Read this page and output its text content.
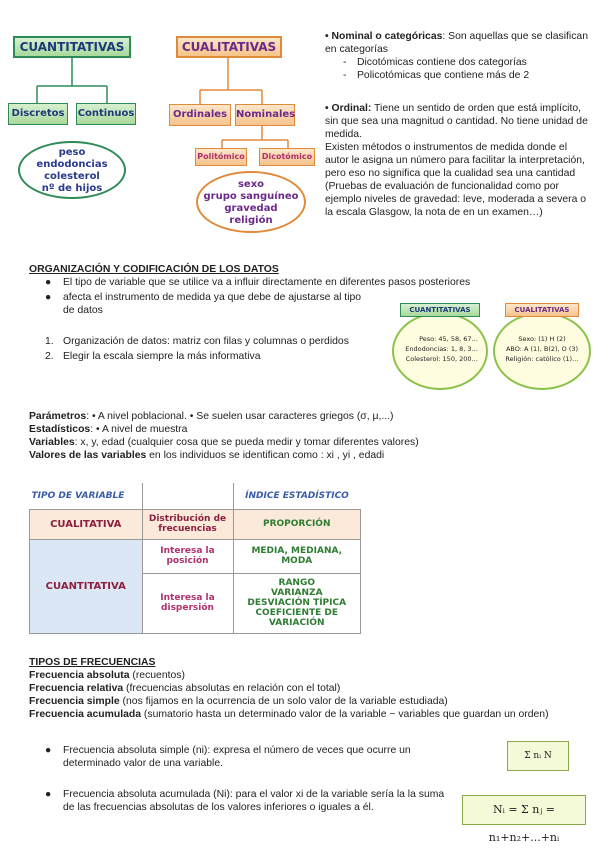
CUANTITATIVAS
Discretos	Continuos
peso
endodoncias
colesterol
nº de hijos
CUALITATIVAS
Ordinales Nominales
Politómico	Dicotómico
sexo
grupo sanguíneo
gravedad
religión
• Nominal o categóricas: Son aquellas que se clasifican en categorías
- Dicotómicas contiene dos categorías
- Policotómicas que contiene más de 2
• Ordinal: Tiene un sentido de orden que está implícito, sin que sea una magnitud o cantidad. No tiene unidad de medida.
Existen métodos o instrumentos de medida donde el autor le asigna un número para facilitar la interpretación, pero eso no significa que la cualidad sea una cantidad (Pruebas de evaluación de funcionalidad como por ejemplo niveles de gravedad: leve, moderada a severa o la escala Glasgow, la nota de en un examen…)
ORGANIZACIÓN Y CODIFICACIÓN DE LOS DATOS
●	El tipo de variable que se utilice va a influir directamente en diferentes pasos posteriores
●	afecta el instrumento de medida ya que debe de ajustarse al tipo de datos
1. Organización de datos: matriz con filas y columnas o perdidos
2. Elegir la escala siempre la más informativa
Peso: 45, 58, 67…
Endodoncias: 1, 8, 3…
Colesterol: 150, 200…
CUANTITATIVAS
Sexo: (1) H (2)
ABO: A (1), B(2), O (3)
Religión: católico (1)…
CUALITATIVAS
Parámetros: • A nivel poblacional. • Se suelen usar caracteres griegos (σ, μ,...)
Estadísticos: • A nivel de muestra
Variables: x, y, edad (cualquier cosa que se pueda medir y tomar diferentes valores)
Valores de las variables en los individuos se identifican como : xi , yi , edadi
TIPO DE VARIABLE		ÍNDICE ESTADÍSTICO
CUALITATIVA	Distribución de frecuencias	PROPORCIÓN
CUANTITATIVA	Interesa la posición	MEDIA, MEDIANA, MODA
	Interesa la dispersión	RANGO
VARIANZA
DESVIACIÓN TÍPICA
COEFICIENTE DE VARIACIÓN
TIPOS DE FRECUENCIAS
Frecuencia absoluta (recuentos)
Frecuencia relativa (frecuencias absolutas en relación con el total)
Frecuencia simple (nos fijamos en la ocurrencia de un solo valor de la variable estudiada)
Frecuencia acumulada (sumatorio hasta un determinado valor de la variable ~ variables que guardan un orden)
●	Frecuencia absoluta simple (ni): expresa el número de veces que ocurre un determinado valor de una variable.
Σ nᵢ N
●	Frecuencia absoluta acumulada (Ni): para el valor xi de la variable sería la la suma de las frecuencias absolutas de los valores inferiores o iguales a él.	Nᵢ = Σ nⱼ = n₁+n₂+...+nᵢ
